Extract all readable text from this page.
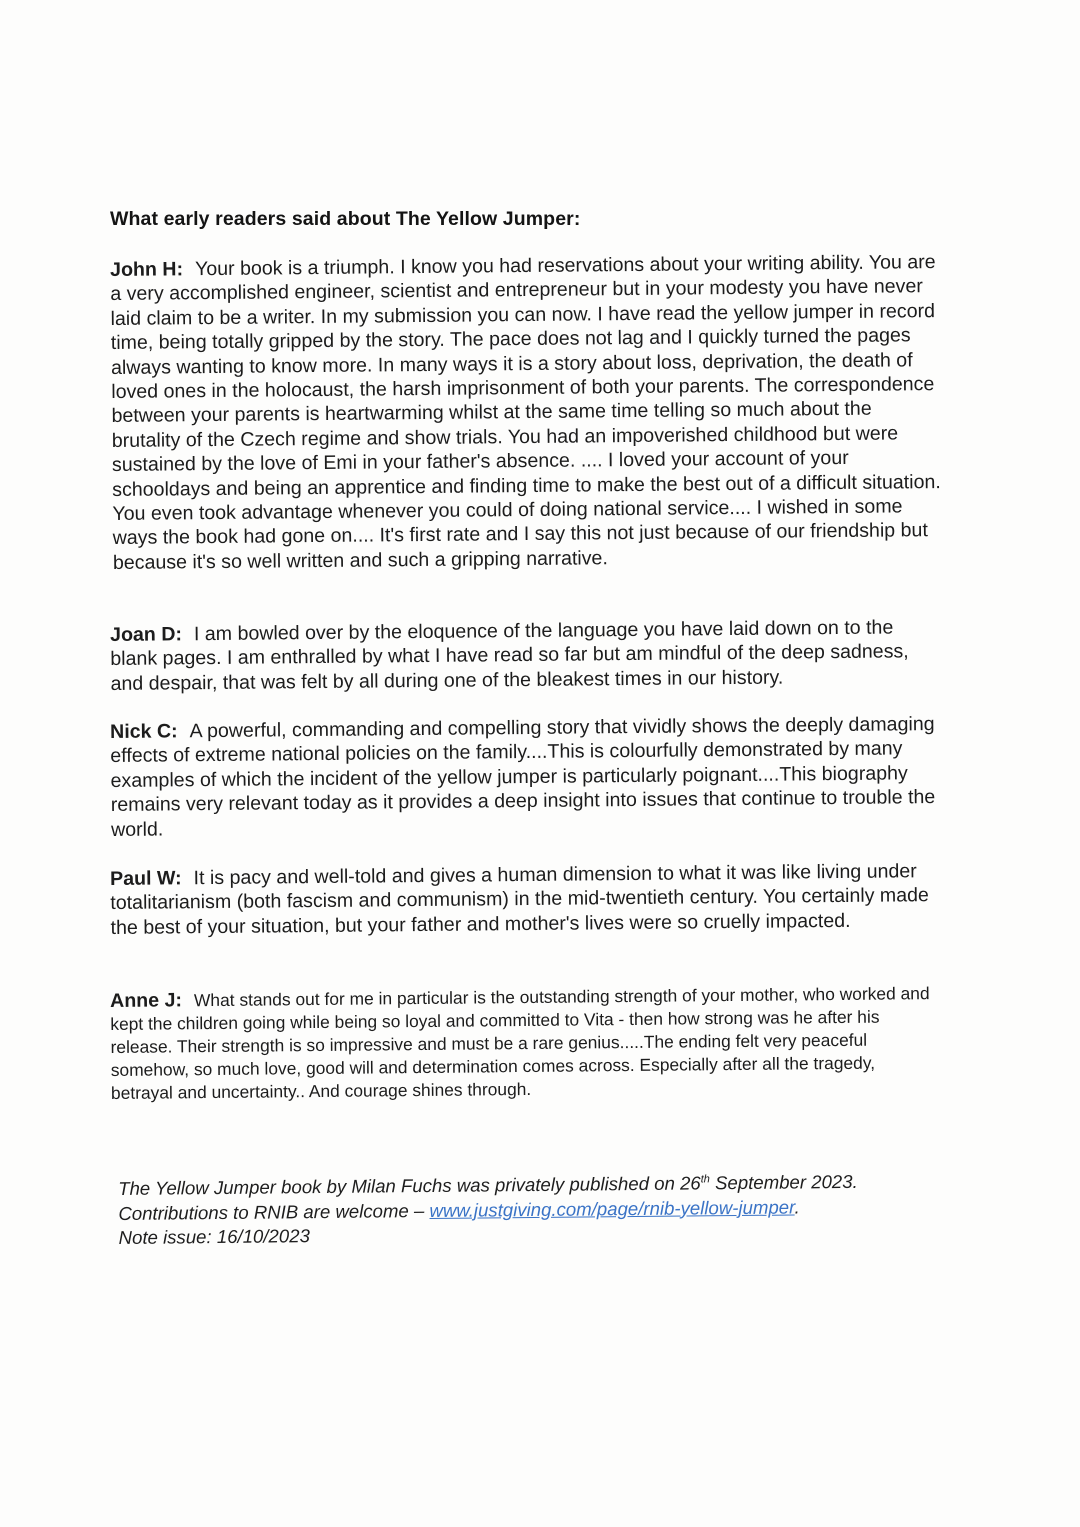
What early readers said about The Yellow Jumper:
John H: Your book is a triumph. I know you had reservations about your writing ability. You are a very accomplished engineer, scientist and entrepreneur but in your modesty you have never laid claim to be a writer. In my submission you can now. I have read the yellow jumper in record time, being totally gripped by the story. The pace does not lag and I quickly turned the pages always wanting to know more. In many ways it is a story about loss, deprivation, the death of loved ones in the holocaust, the harsh imprisonment of both your parents. The correspondence between your parents is heartwarming whilst at the same time telling so much about the brutality of the Czech regime and show trials. You had an impoverished childhood but were sustained by the love of Emi in your father's absence. .... I loved your account of your schooldays and being an apprentice and finding time to make the best out of a difficult situation. You even took advantage whenever you could of doing national service.... I wished in some ways the book had gone on.... It's first rate and I say this not just because of our friendship but because it's so well written and such a gripping narrative.
Joan D: I am bowled over by the eloquence of the language you have laid down on to the blank pages. I am enthralled by what I have read so far but am mindful of the deep sadness, and despair, that was felt by all during one of the bleakest times in our history.
Nick C: A powerful, commanding and compelling story that vividly shows the deeply damaging effects of extreme national policies on the family....This is colourfully demonstrated by many examples of which the incident of the yellow jumper is particularly poignant....This biography remains very relevant today as it provides a deep insight into issues that continue to trouble the world.
Paul W: It is pacy and well-told and gives a human dimension to what it was like living under totalitarianism (both fascism and communism) in the mid-twentieth century. You certainly made the best of your situation, but your father and mother's lives were so cruelly impacted.
Anne J: What stands out for me in particular is the outstanding strength of your mother, who worked and kept the children going while being so loyal and committed to Vita - then how strong was he after his release. Their strength is so impressive and must be a rare genius.....The ending felt very peaceful somehow, so much love, good will and determination comes across. Especially after all the tragedy, betrayal and uncertainty.. And courage shines through.
The Yellow Jumper book by Milan Fuchs was privately published on 26th September 2023.
Contributions to RNIB are welcome – www.justgiving.com/page/rnib-yellow-jumper.
Note issue: 16/10/2023
